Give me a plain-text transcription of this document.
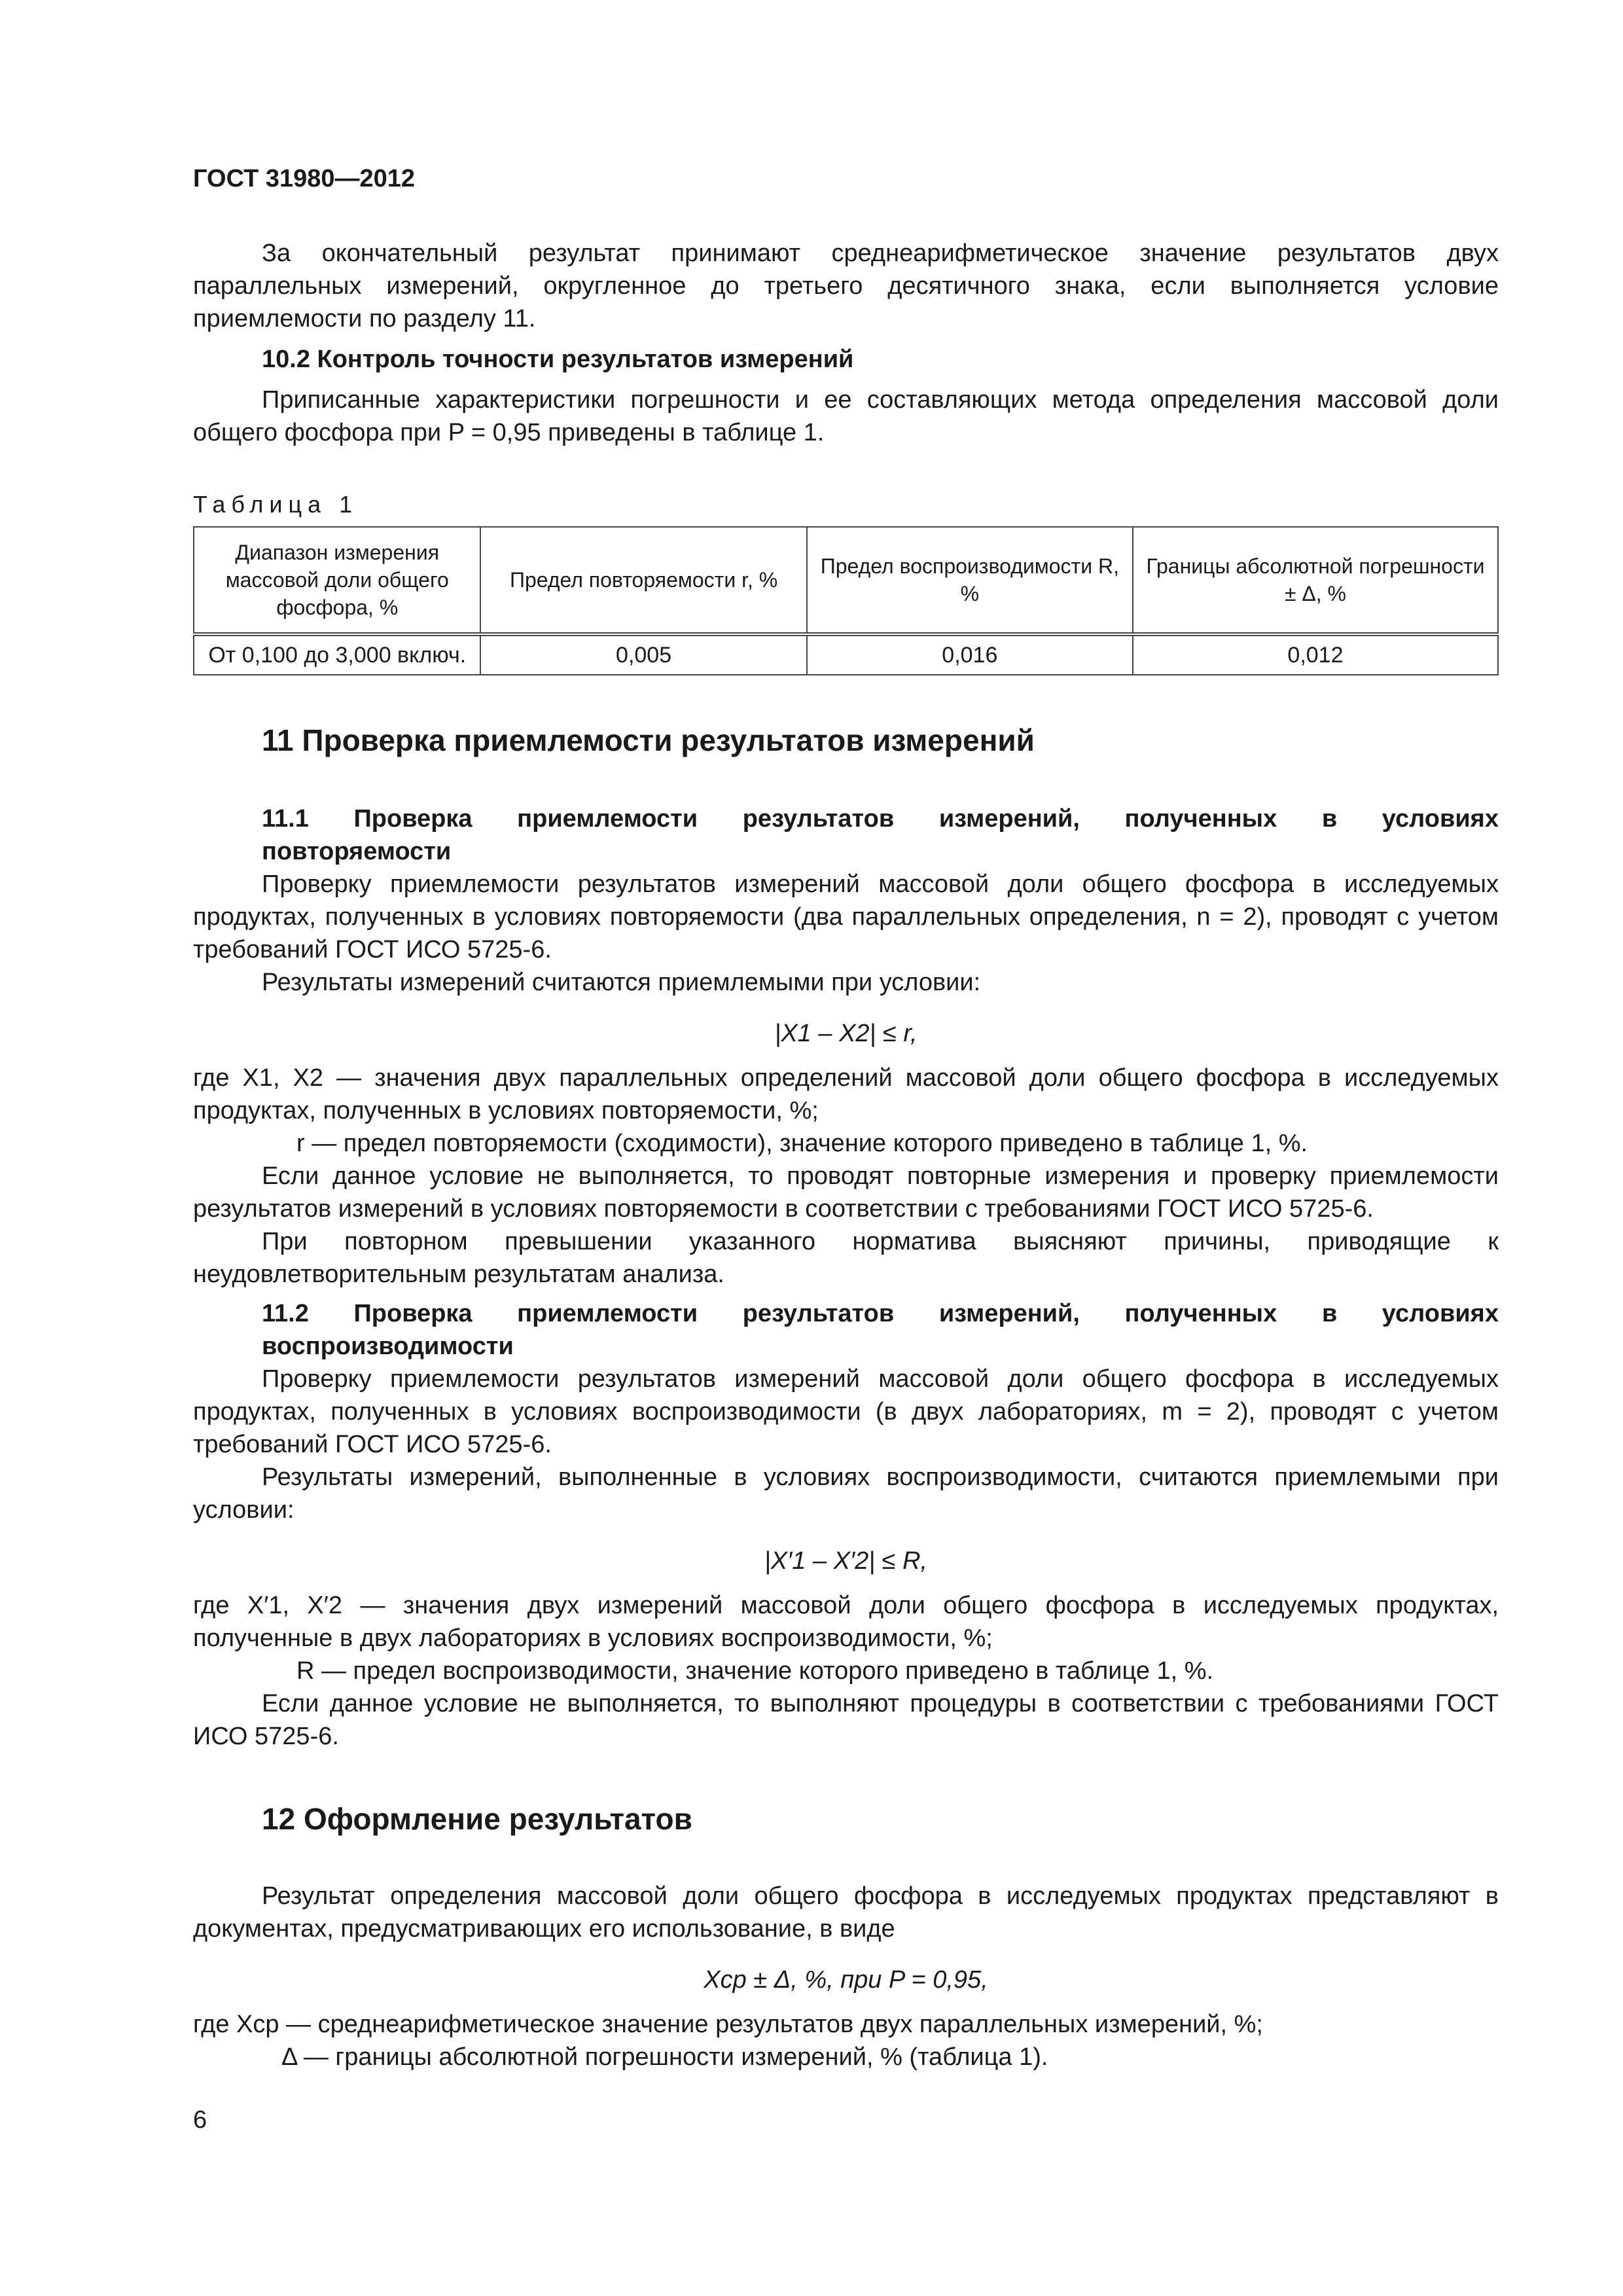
ГОСТ 31980—2012

За окончательный результат принимают среднеарифметическое значение результатов двух параллельных измерений, округленное до третьего десятичного знака, если выполняется условие приемлемости по разделу 11.

10.2 Контроль точности результатов измерений

Приписанные характеристики погрешности и ее составляющих метода определения массовой доли общего фосфора при P = 0,95 приведены в таблице 1.

Таблица 1
Диапазон измерения массовой доли общего фосфора, %	Предел повторяемости r, %	Предел воспроизводимости R, %	Границы абсолютной погрешности ± Δ, %
От 0,100 до 3,000 включ.	0,005	0,016	0,012
11 Проверка приемлемости результатов измерений
11.1 Проверка приемлемости результатов измерений, полученных в условиях
повторяемости

Проверку приемлемости результатов измерений массовой доли общего фосфора в исследуемых продуктах, полученных в условиях повторяемости (два параллельных определения, n = 2), проводят с учетом требований ГОСТ ИСО 5725-6.

Результаты измерений считаются приемлемыми при условии:

|X1 – X2| ≤ r,

где X1, X2 — значения двух параллельных определений массовой доли общего фосфора в исследуемых продуктах, полученных в условиях повторяемости, %;

r — предел повторяемости (сходимости), значение которого приведено в таблице 1, %.

Если данное условие не выполняется, то проводят повторные измерения и проверку приемлемости результатов измерений в условиях повторяемости в соответствии с требованиями ГОСТ ИСО 5725-6.

При повторном превышении указанного норматива выясняют причины, приводящие к неудовлетворительным результатам анализа.

11.2 Проверка приемлемости результатов измерений, полученных в условиях
воспроизводимости

Проверку приемлемости результатов измерений массовой доли общего фосфора в исследуемых продуктах, полученных в условиях воспроизводимости (в двух лабораториях, m = 2), проводят с учетом требований ГОСТ ИСО 5725-6.

Результаты измерений, выполненные в условиях воспроизводимости, считаются приемлемыми при условии:

|X′1 – X′2| ≤ R,

где X′1, X′2 — значения двух измерений массовой доли общего фосфора в исследуемых продуктах, полученные в двух лабораториях в условиях воспроизводимости, %;

R — предел воспроизводимости, значение которого приведено в таблице 1, %.

Если данное условие не выполняется, то выполняют процедуры в соответствии с требованиями ГОСТ ИСО 5725-6.

12 Оформление результатов

Результат определения массовой доли общего фосфора в исследуемых продуктах представляют в документах, предусматривающих его использование, в виде

Xср ± Δ, %, при P = 0,95,

где Xср — среднеарифметическое значение результатов двух параллельных измерений, %;

Δ — границы абсолютной погрешности измерений, % (таблица 1).

6
